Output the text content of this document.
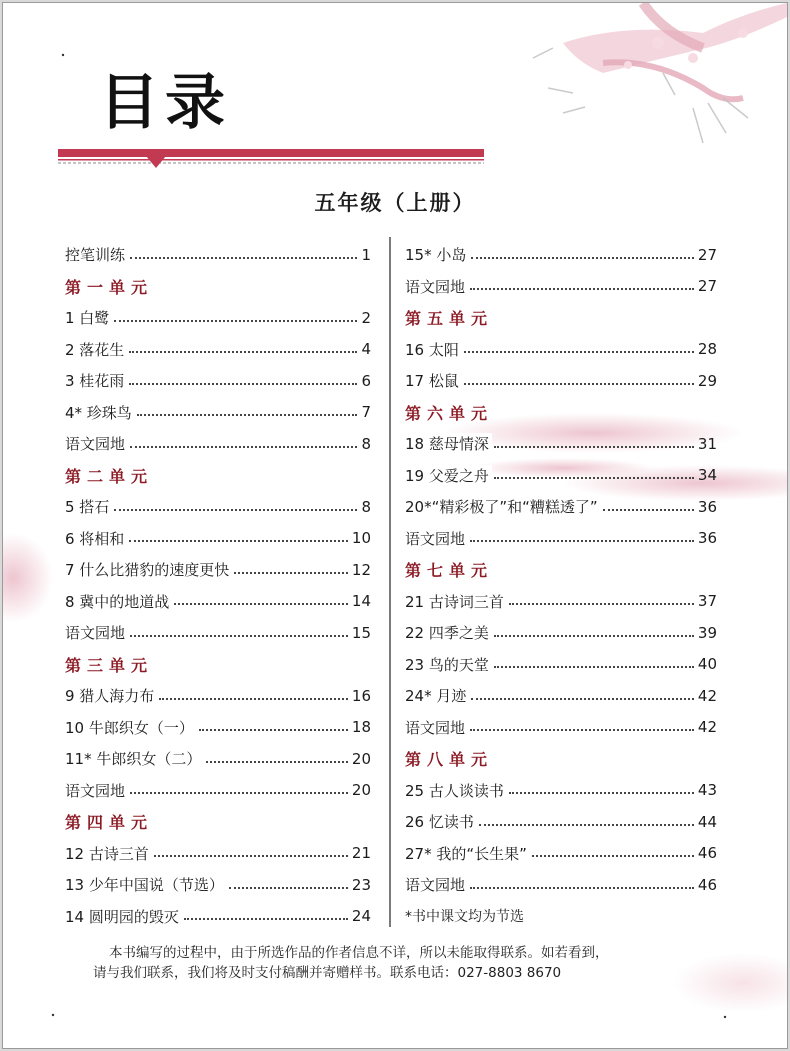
目录
五年级（上册）
控笔训练	1
第一单元
1 白鹭	2
2 落花生	4
3 桂花雨	6
4* 珍珠鸟	7
语文园地	8
第二单元
5 搭石	8
6 将相和	10
7 什么比猎豹的速度更快	12
8 冀中的地道战	14
语文园地	15
第三单元
9 猎人海力布	16
10 牛郎织女（一）	18
11* 牛郎织女（二）	20
语文园地	20
第四单元
12 古诗三首	21
13 少年中国说（节选）	23
14 圆明园的毁灭	24
15* 小岛	27
语文园地	27
第五单元
16 太阳	28
17 松鼠	29
第六单元
18 慈母情深	31
19 父爱之舟	34
20*“精彩极了”和“糟糕透了”	36
语文园地	36
第七单元
21 古诗词三首	37
22 四季之美	39
23 鸟的天堂	40
24* 月迹	42
语文园地	42
第八单元
25 古人谈读书	43
26 忆读书	44
27* 我的“长生果”	46
语文园地	46
*书中课文均为节选
本书编写的过程中，由于所选作品的作者信息不详，所以未能取得联系。如若看到，
请与我们联系，我们将及时支付稿酬并寄赠样书。联系电话：027-8803 8670
